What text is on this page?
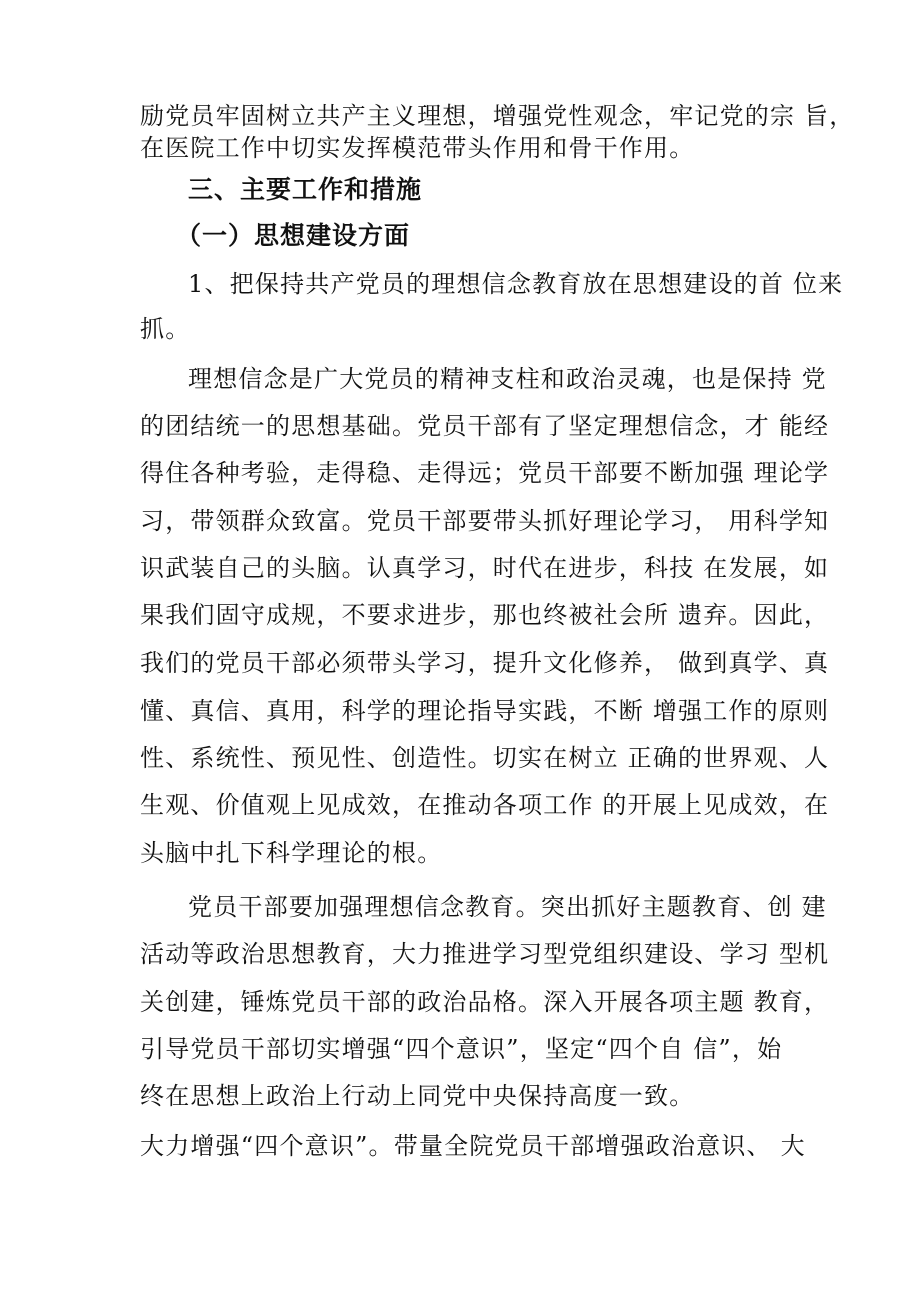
励党员牢固树立共产主义理想，增强党性观念，牢记党的宗 旨，
在医院工作中切实发挥模范带头作用和骨干作用。
三、主要工作和措施
（一）思想建设方面
1、把保持共产党员的理想信念教育放在思想建设的首 位来
抓。
理想信念是广大党员的精神支柱和政治灵魂，也是保持 党
的团结统一的思想基础。党员干部有了坚定理想信念，才 能经
得住各种考验，走得稳、走得远；党员干部要不断加强 理论学
习，带领群众致富。党员干部要带头抓好理论学习， 用科学知
识武装自己的头脑。认真学习，时代在进步，科技 在发展，如
果我们固守成规，不要求进步，那也终被社会所 遗弃。因此，
我们的党员干部必须带头学习，提升文化修养， 做到真学、真
懂、真信、真用，科学的理论指导实践，不断 增强工作的原则
性、系统性、预见性、创造性。切实在树立 正确的世界观、人
生观、价值观上见成效，在推动各项工作 的开展上见成效，在
头脑中扎下科学理论的根。
党员干部要加强理想信念教育。突出抓好主题教育、创 建
活动等政治思想教育，大力推进学习型党组织建设、学习 型机
关创建，锤炼党员干部的政治品格。深入开展各项主题 教育，
引导党员干部切实增强“四个意识”，坚定“四个自 信”，始
终在思想上政治上行动上同党中央保持高度一致。
大力增强“四个意识”。带量全院党员干部增强政治意识、 大
